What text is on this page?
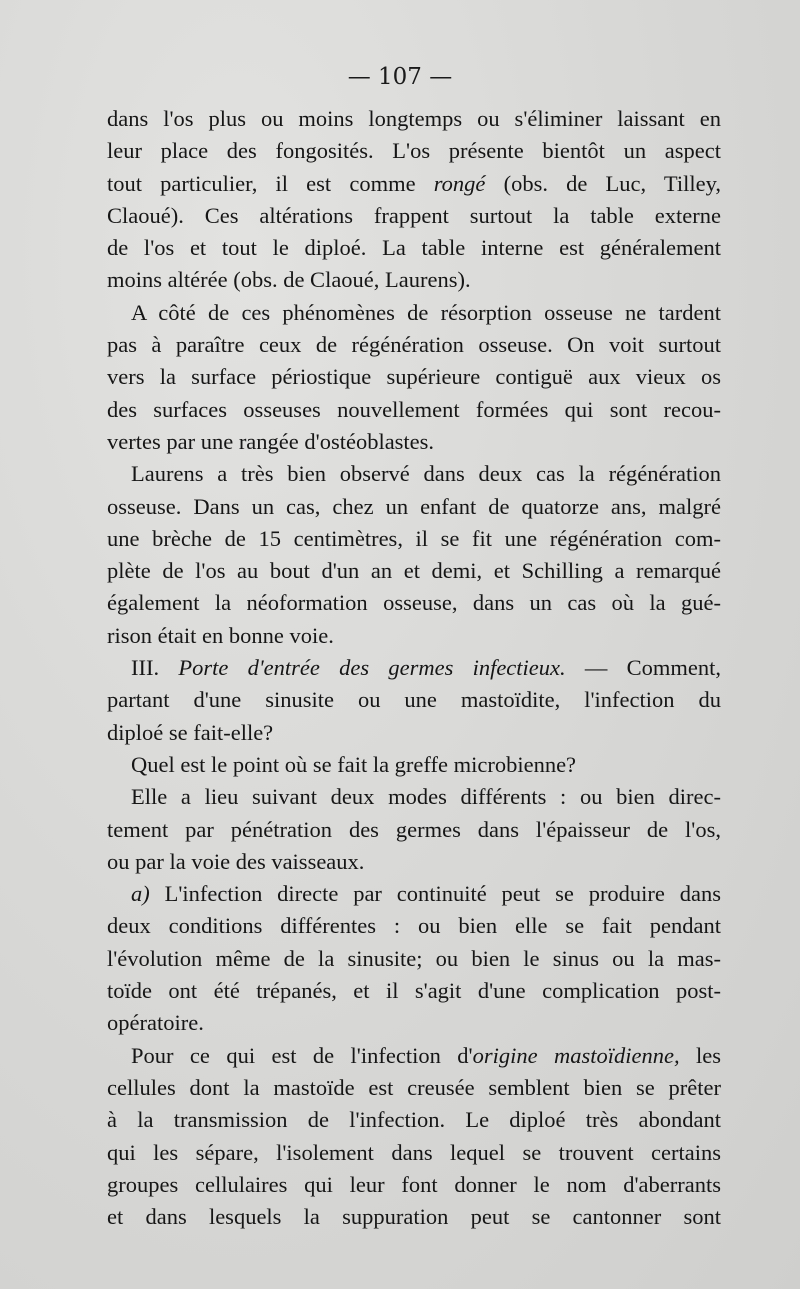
— 107 —
dans l'os plus ou moins longtemps ou s'éliminer laissant en
leur place des fongosités. L'os présente bientôt un aspect
tout particulier, il est comme rongé (obs. de Luc, Tilley,
Claoué). Ces altérations frappent surtout la table externe
de l'os et tout le diploé. La table interne est généralement
moins altérée (obs. de Claoué, Laurens).
A côté de ces phénomènes de résorption osseuse ne tardent
pas à paraître ceux de régénération osseuse. On voit surtout
vers la surface périostique supérieure contiguë aux vieux os
des surfaces osseuses nouvellement formées qui sont recou-
vertes par une rangée d'ostéoblastes.
Laurens a très bien observé dans deux cas la régénération
osseuse. Dans un cas, chez un enfant de quatorze ans, malgré
une brèche de 15 centimètres, il se fit une régénération com-
plète de l'os au bout d'un an et demi, et Schilling a remarqué
également la néoformation osseuse, dans un cas où la gué-
rison était en bonne voie.
III. Porte d'entrée des germes infectieux. — Comment,
partant d'une sinusite ou une mastoïdite, l'infection du
diploé se fait-elle?
Quel est le point où se fait la greffe microbienne?
Elle a lieu suivant deux modes différents : ou bien direc-
tement par pénétration des germes dans l'épaisseur de l'os,
ou par la voie des vaisseaux.
a) L'infection directe par continuité peut se produire dans
deux conditions différentes : ou bien elle se fait pendant
l'évolution même de la sinusite; ou bien le sinus ou la mas-
toïde ont été trépanés, et il s'agit d'une complication post-
opératoire.
Pour ce qui est de l'infection d'origine mastoïdienne, les
cellules dont la mastoïde est creusée semblent bien se prêter
à la transmission de l'infection. Le diploé très abondant
qui les sépare, l'isolement dans lequel se trouvent certains
groupes cellulaires qui leur font donner le nom d'aberrants
et dans lesquels la suppuration peut se cantonner sont
